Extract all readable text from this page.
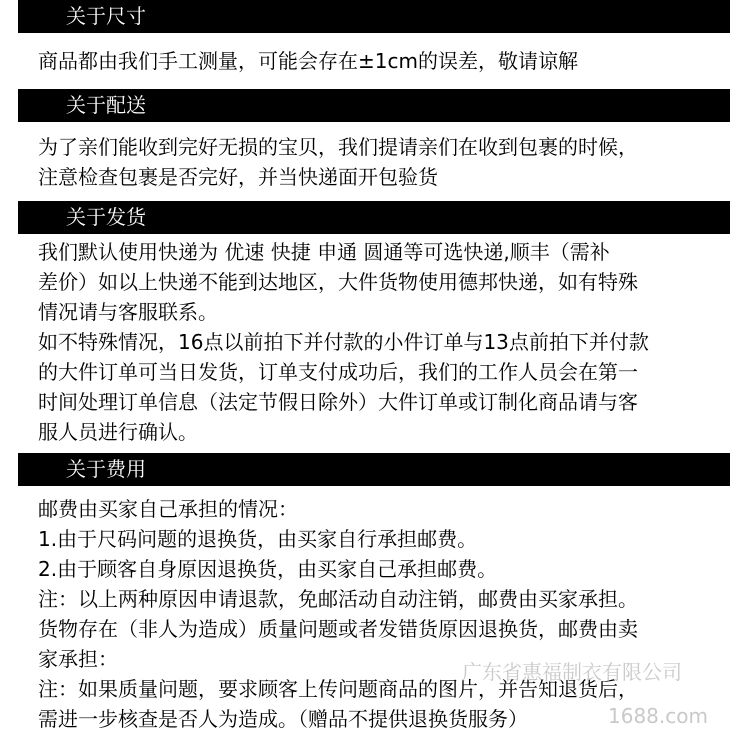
关于尺寸
商品都由我们手工测量，可能会存在±1cm的误差，敬请谅解
关于配送
为了亲们能收到完好无损的宝贝，我们提请亲们在收到包裹的时候，
注意检查包裹是否完好，并当快递面开包验货
关于发货
我们默认使用快递为 优速 快捷 申通 圆通等可选快递,顺丰（需补
差价）如以上快递不能到达地区，大件货物使用德邦快递，如有特殊
情况请与客服联系。
如不特殊情况，16点以前拍下并付款的小件订单与13点前拍下并付款
的大件订单可当日发货，订单支付成功后，我们的工作人员会在第一
时间处理订单信息（法定节假日除外）大件订单或订制化商品请与客
服人员进行确认。
关于费用
邮费由买家自己承担的情况：
1.由于尺码问题的退换货，由买家自行承担邮费。
2.由于顾客自身原因退换货，由买家自己承担邮费。
注：以上两种原因申请退款，免邮活动自动注销，邮费由买家承担。
货物存在（非人为造成）质量问题或者发错货原因退换货，邮费由卖
家承担：
注：如果质量问题，要求顾客上传问题商品的图片，并告知退货后，
需进一步核查是否人为造成。（赠品不提供退换货服务）
广东省惠福制衣有限公司
1688.com
